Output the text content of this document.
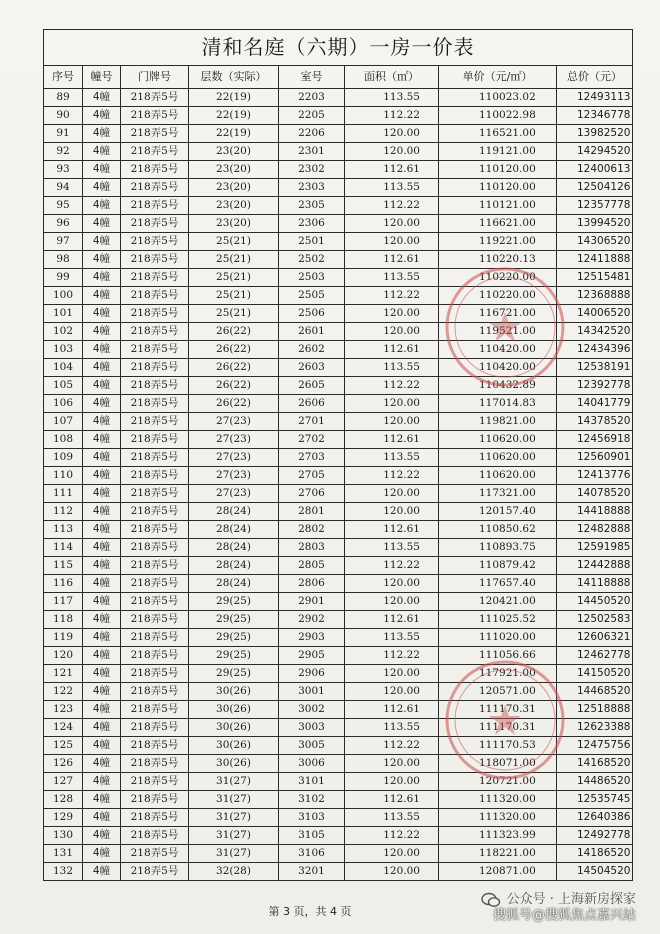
清和名庭（六期）一房一价表							
序号	幢号	门牌号	层数（实际）	室号	面积（㎡）	单价（元/㎡）	总价（元）
89	4幢	218弄5号	22(19)	2203	113.55	110023.02	12493113
90	4幢	218弄5号	22(19)	2205	112.22	110022.98	12346778
91	4幢	218弄5号	22(19)	2206	120.00	116521.00	13982520
92	4幢	218弄5号	23(20)	2301	120.00	119121.00	14294520
93	4幢	218弄5号	23(20)	2302	112.61	110120.00	12400613
94	4幢	218弄5号	23(20)	2303	113.55	110120.00	12504126
95	4幢	218弄5号	23(20)	2305	112.22	110121.00	12357778
96	4幢	218弄5号	23(20)	2306	120.00	116621.00	13994520
97	4幢	218弄5号	25(21)	2501	120.00	119221.00	14306520
98	4幢	218弄5号	25(21)	2502	112.61	110220.13	12411888
99	4幢	218弄5号	25(21)	2503	113.55	110220.00	12515481
100	4幢	218弄5号	25(21)	2505	112.22	110220.00	12368888
101	4幢	218弄5号	25(21)	2506	120.00	116721.00	14006520
102	4幢	218弄5号	26(22)	2601	120.00	119521.00	14342520
103	4幢	218弄5号	26(22)	2602	112.61	110420.00	12434396
104	4幢	218弄5号	26(22)	2603	113.55	110420.00	12538191
105	4幢	218弄5号	26(22)	2605	112.22	110432.89	12392778
106	4幢	218弄5号	26(22)	2606	120.00	117014.83	14041779
107	4幢	218弄5号	27(23)	2701	120.00	119821.00	14378520
108	4幢	218弄5号	27(23)	2702	112.61	110620.00	12456918
109	4幢	218弄5号	27(23)	2703	113.55	110620.00	12560901
110	4幢	218弄5号	27(23)	2705	112.22	110620.00	12413776
111	4幢	218弄5号	27(23)	2706	120.00	117321.00	14078520
112	4幢	218弄5号	28(24)	2801	120.00	120157.40	14418888
113	4幢	218弄5号	28(24)	2802	112.61	110850.62	12482888
114	4幢	218弄5号	28(24)	2803	113.55	110893.75	12591985
115	4幢	218弄5号	28(24)	2805	112.22	110879.42	12442888
116	4幢	218弄5号	28(24)	2806	120.00	117657.40	14118888
117	4幢	218弄5号	29(25)	2901	120.00	120421.00	14450520
118	4幢	218弄5号	29(25)	2902	112.61	111025.52	12502583
119	4幢	218弄5号	29(25)	2903	113.55	111020.00	12606321
120	4幢	218弄5号	29(25)	2905	112.22	111056.66	12462778
121	4幢	218弄5号	29(25)	2906	120.00	117921.00	14150520
122	4幢	218弄5号	30(26)	3001	120.00	120571.00	14468520
123	4幢	218弄5号	30(26)	3002	112.61	111170.31	12518888
124	4幢	218弄5号	30(26)	3003	113.55	111170.31	12623388
125	4幢	218弄5号	30(26)	3005	112.22	111170.53	12475756
126	4幢	218弄5号	30(26)	3006	120.00	118071.00	14168520
127	4幢	218弄5号	31(27)	3101	120.00	120721.00	14486520
128	4幢	218弄5号	31(27)	3102	112.61	111320.00	12535745
129	4幢	218弄5号	31(27)	3103	113.55	111320.00	12640386
130	4幢	218弄5号	31(27)	3105	112.22	111323.99	12492778
131	4幢	218弄5号	31(27)	3106	120.00	118221.00	14186520
132	4幢	218弄5号	32(28)	3201	120.00	120871.00	14504520
第 3 页，共 4 页
公众号 · 上海新房探家
搜狐号@搜狐焦点嘉兴站
